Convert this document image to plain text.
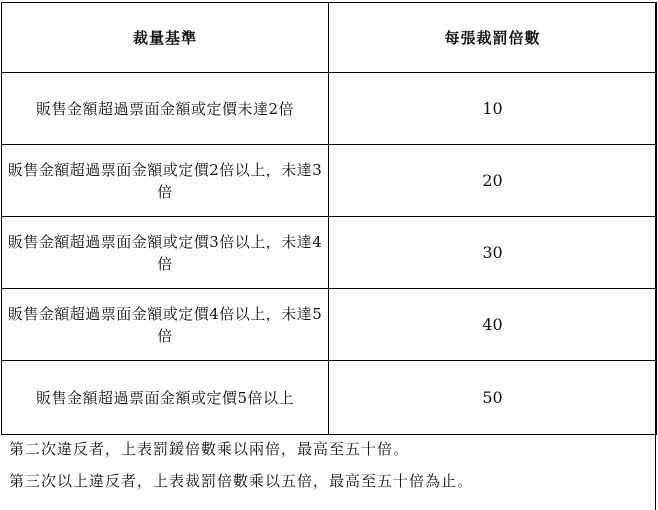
裁量基準	每張裁罰倍數
販售金額超過票面金額或定價未達2倍	10
販售金額超過票面金額或定價2倍以上，未達3倍	20
販售金額超過票面金額或定價3倍以上，未達4倍	30
販售金額超過票面金額或定價4倍以上，未達5倍	40
販售金額超過票面金額或定價5倍以上	50

第二次違反者，上表罰鍰倍數乘以兩倍，最高至五十倍。

第三次以上違反者，上表裁罰倍數乘以五倍，最高至五十倍為止。
